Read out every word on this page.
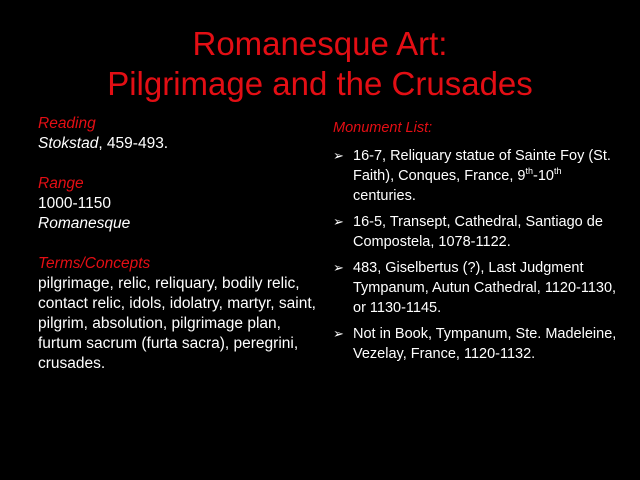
Romanesque Art:
Pilgrimage and the Crusades
Reading
Stokstad, 459-493.
Range
1000-1150
Romanesque
Terms/Concepts
pilgrimage, relic, reliquary, bodily relic, contact relic, idols, idolatry, martyr, saint, pilgrim, absolution, pilgrimage plan, furtum sacrum (furta sacra), peregrini, crusades.
Monument List:
➢ 16-7, Reliquary statue of Sainte Foy (St. Faith), Conques, France, 9th-10th centuries.
➢ 16-5, Transept, Cathedral, Santiago de Compostela, 1078-1122.
➢ 483, Giselbertus (?), Last Judgment Tympanum, Autun Cathedral, 1120-1130, or 1130-1145.
➢ Not in Book, Tympanum, Ste. Madeleine, Vezelay, France, 1120-1132.
